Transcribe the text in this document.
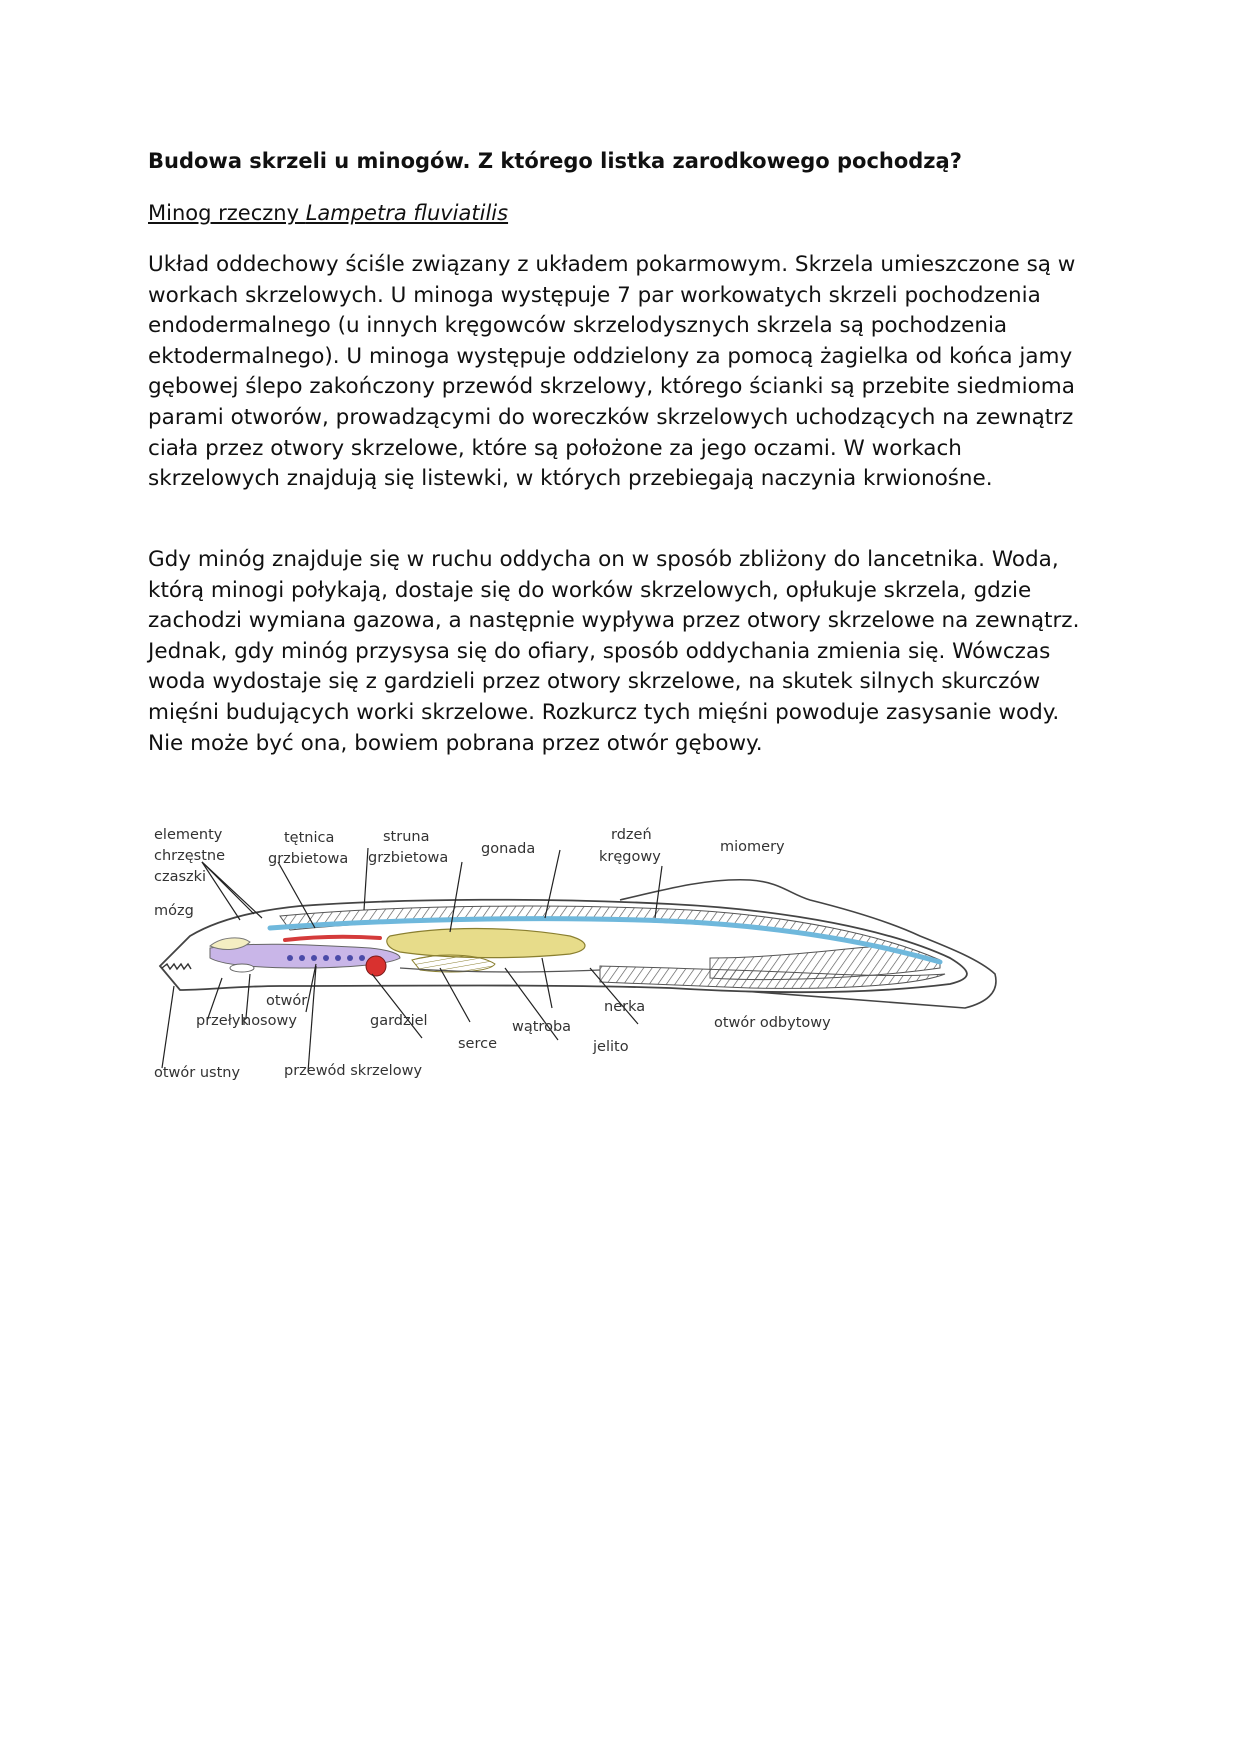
Budowa skrzeli u minogów. Z którego listka zarodkowego pochodzą?
Minog rzeczny Lampetra fluviatilis

Układ oddechowy ściśle związany z układem pokarmowym. Skrzela umieszczone są w workach skrzelowych. U minoga występuje 7 par workowatych skrzeli pochodzenia endodermalnego (u innych kręgowców skrzelodysznych skrzela są pochodzenia ektodermalnego). U minoga występuje oddzielony za pomocą żagielka od końca jamy gębowej ślepo zakończony przewód skrzelowy, którego ścianki są przebite siedmioma parami otworów, prowadzącymi do woreczków skrzelowych uchodzących na zewnątrz ciała przez otwory skrzelowe, które są położone za jego oczami. W workach skrzelowych znajdują się listewki, w których przebiegają naczynia krwionośne.

Gdy minóg znajduje się w ruchu oddycha on w sposób zbliżony do lancetnika. Woda, którą minogi połykają, dostaje się do worków skrzelowych, opłukuje skrzela, gdzie zachodzi wymiana gazowa, a następnie wypływa przez otwory skrzelowe na zewnątrz. Jednak, gdy minóg przysysa się do ofiary, sposób oddychania zmienia się. Wówczas woda wydostaje się z gardzieli przez otwory skrzelowe, na skutek silnych skurczów mięśni budujących worki skrzelowe. Rozkurcz tych mięśni powoduje zasysanie wody. Nie może być ona, bowiem pobrana przez otwór gębowy.

elementy
chrzęstne
czaszki
mózg
tętnica
grzbietowa
struna
grzbietowa
gonada
rdzeń
kręgowy
miomery
otwór
nosowy
przełyk	gardziel
serce
wątroba
nerka
jelito
otwór odbytowy
otwór ustny	przewód skrzelowy
